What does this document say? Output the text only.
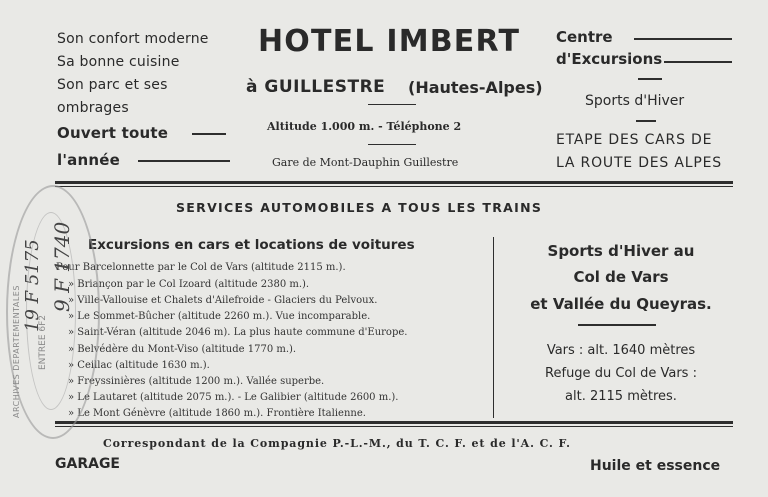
Son confort moderne
Sa bonne cuisine
Son parc et ses
ombrages
Ouvert toute
l'année
HOTEL IMBERT
à GUILLESTRE (Hautes-Alpes)
Altitude 1.000 m. - Téléphone 2
Gare de Mont-Dauphin Guillestre
Centre
d'Excursions
Sports d'Hiver
ETAPE DES CARS DE
LA ROUTE DES ALPES
SERVICES AUTOMOBILES A TOUS LES TRAINS
Excursions en cars et locations de voitures
Pour Barcelonnette par le Col de Vars (altitude 2115 m.).
» Briançon par le Col Izoard (altitude 2380 m.).
» Ville-Vallouise et Chalets d'Ailefroide - Glaciers du Pelvoux.
» Le Sommet-Bûcher (altitude 2260 m.). Vue incomparable.
» Saint-Véran (altitude 2046 m). La plus haute commune d'Europe.
» Belvédère du Mont-Viso (altitude 1770 m.).
» Ceillac (altitude 1630 m.).
» Freyssinières (altitude 1200 m.). Vallée superbe.
» Le Lautaret (altitude 2075 m.). - Le Galibier (altitude 2600 m.).
» Le Mont Génèvre (altitude 1860 m.). Frontière Italienne.
Sports d'Hiver au
Col de Vars
et Vallée du Queyras.
Vars : alt. 1640 mètres
Refuge du Col de Vars :
alt. 2115 mètres.
Correspondant de la Compagnie P.-L.-M., du T. C. F. et de l'A. C. F.
GARAGE	Huile et essence
ARCHIVES DEPARTEMENTALES ENTREE 6F2
9 F 1740
19 F 5175
